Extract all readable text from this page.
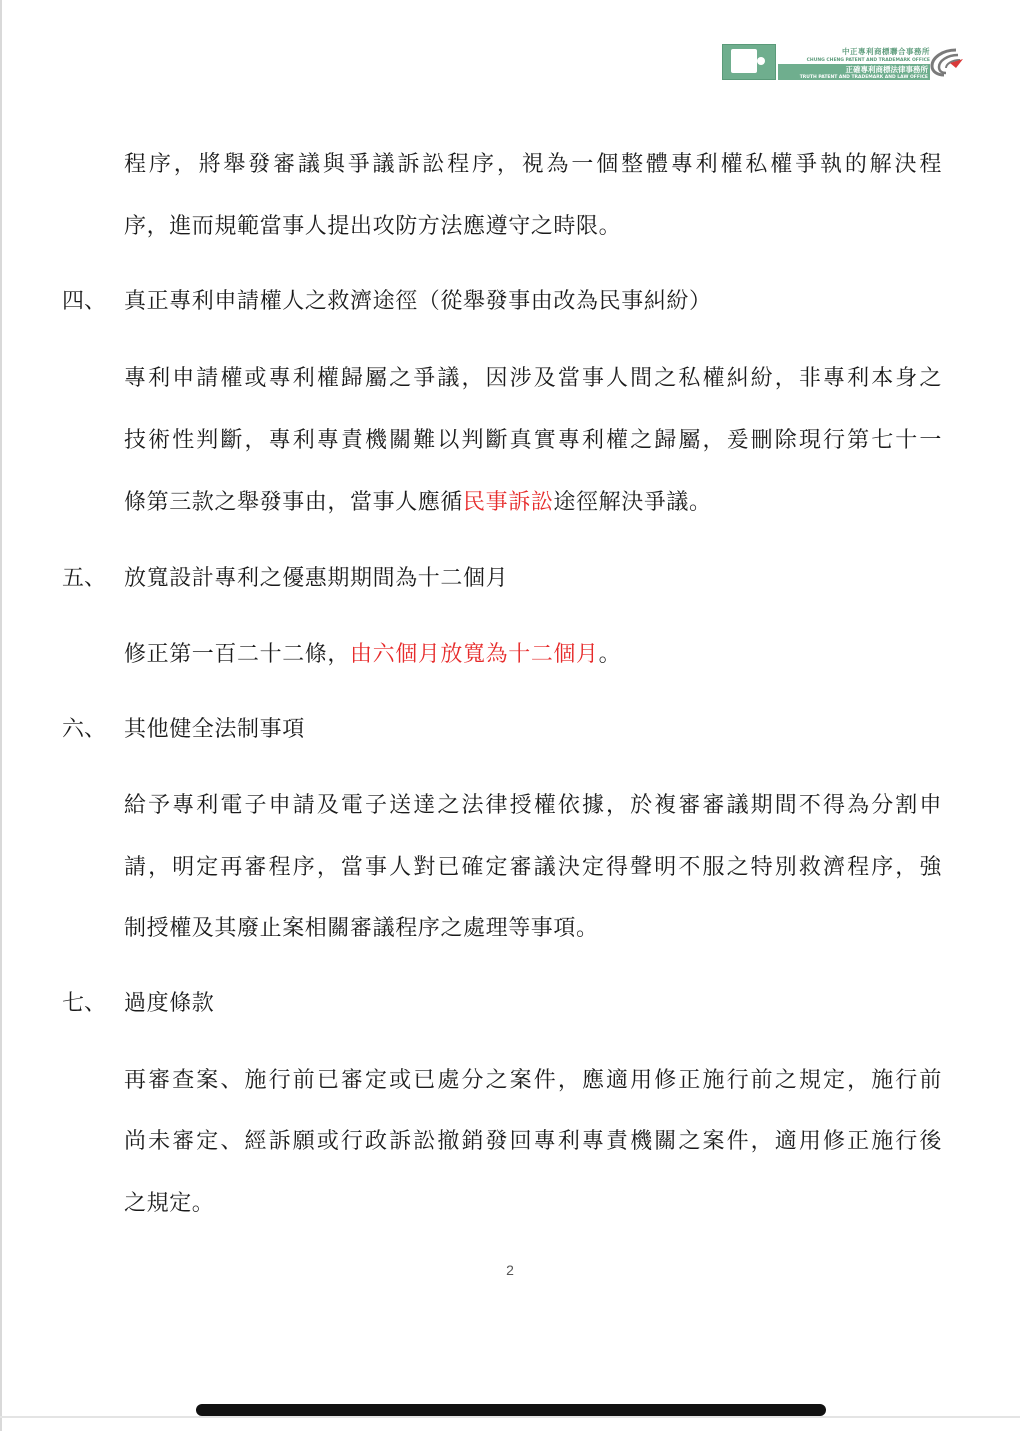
中正專利商標聯合事務所
CHUNG CHENG PATENT AND TRADEMARK OFFICE
正確專利商標法律事務所
TRUTH PATENT AND TRADEMARK AND LAW OFFICE
程序，將舉發審議與爭議訴訟程序，視為一個整體專利權私權爭執的解決程
序，進而規範當事人提出攻防方法應遵守之時限。
四、 真正專利申請權人之救濟途徑（從舉發事由改為民事糾紛）
專利申請權或專利權歸屬之爭議，因涉及當事人間之私權糾紛，非專利本身之
技術性判斷，專利專責機關難以判斷真實專利權之歸屬，爰刪除現行第七十一
條第三款之舉發事由，當事人應循民事訴訟途徑解決爭議。
五、 放寬設計專利之優惠期期間為十二個月
修正第一百二十二條，由六個月放寬為十二個月。
六、 其他健全法制事項
給予專利電子申請及電子送達之法律授權依據，於複審審議期間不得為分割申
請，明定再審程序，當事人對已確定審議決定得聲明不服之特別救濟程序，強
制授權及其廢止案相關審議程序之處理等事項。
七、 過度條款
再審查案、施行前已審定或已處分之案件，應適用修正施行前之規定，施行前
尚未審定、經訴願或行政訴訟撤銷發回專利專責機關之案件，適用修正施行後
之規定。
2
